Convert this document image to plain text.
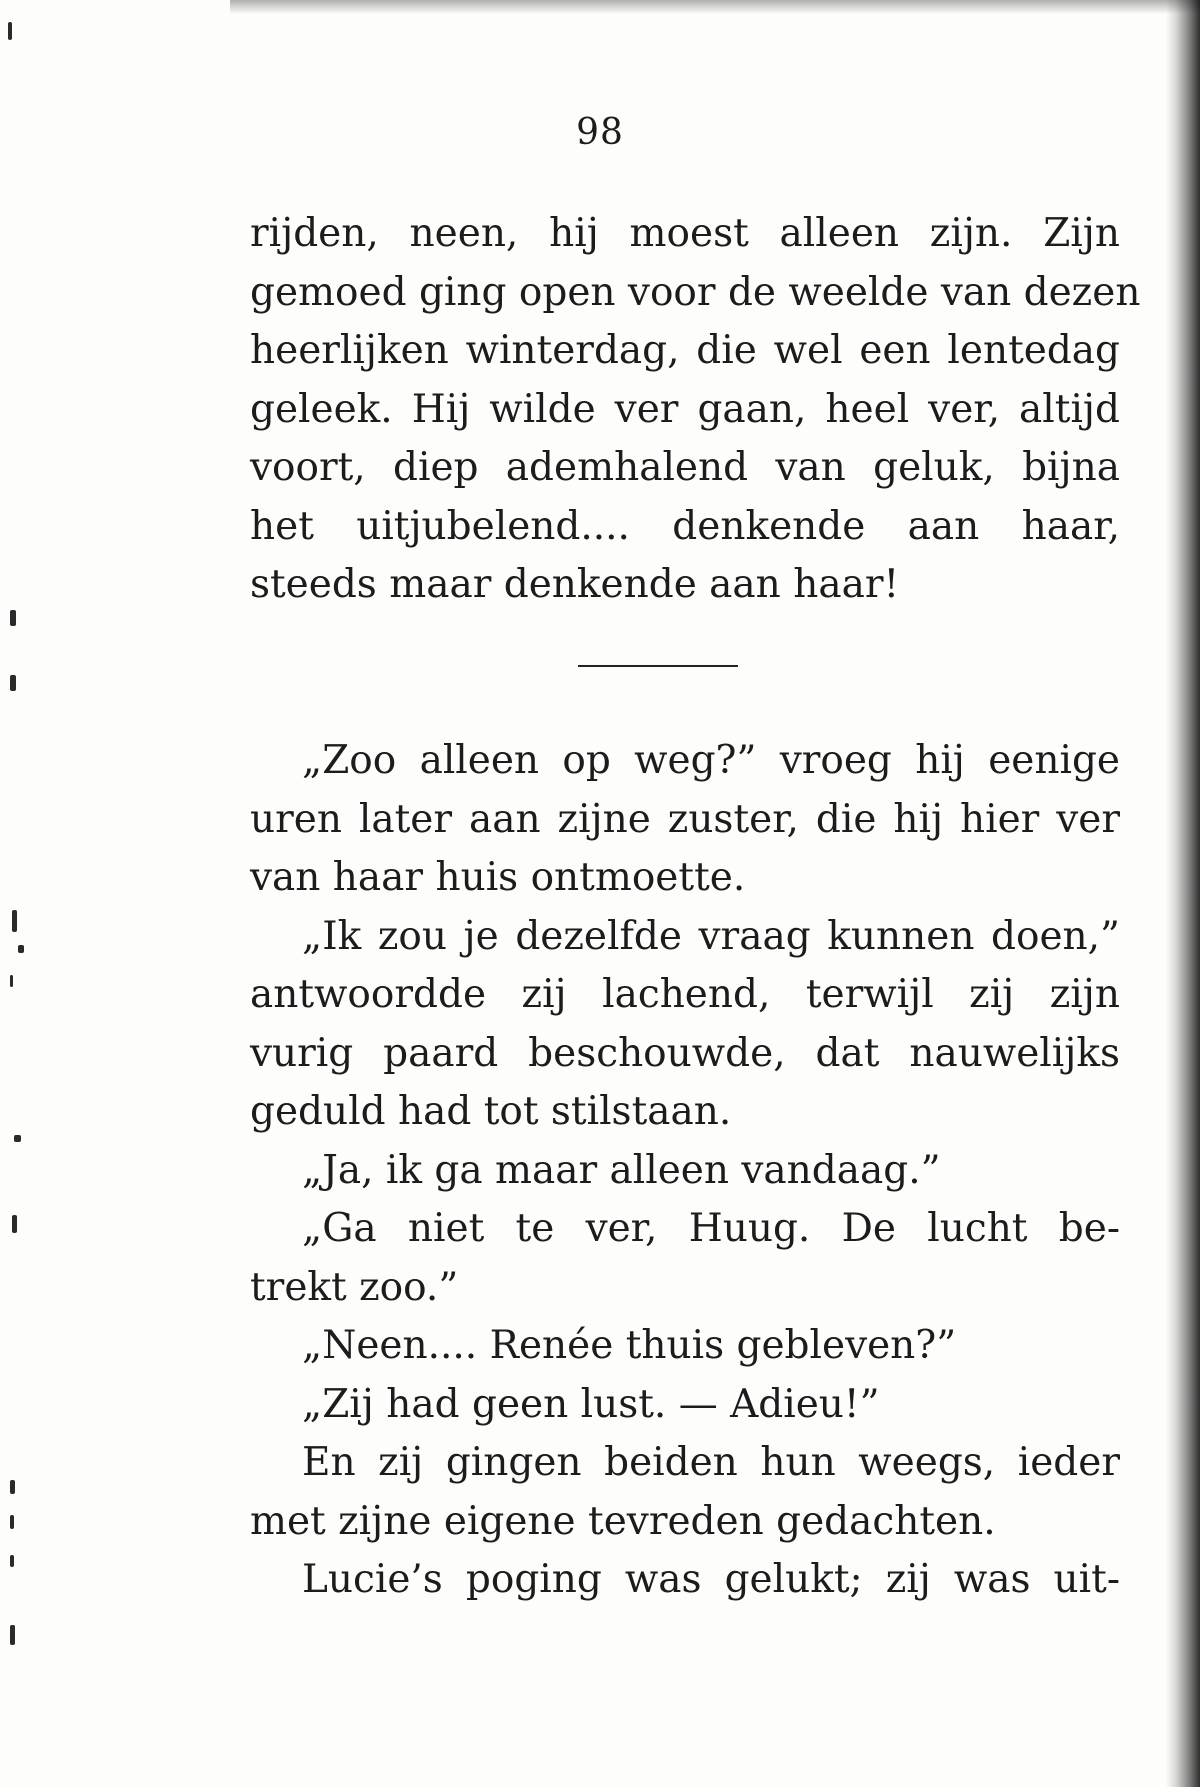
98
rijden, neen, hij moest alleen zijn. Zijn
gemoed ging open voor de weelde van dezen
heerlijken winterdag, die wel een lentedag
geleek. Hij wilde ver gaan, heel ver, altijd
voort, diep ademhalend van geluk, bijna
het uitjubelend.... denkende aan haar,
steeds maar denkende aan haar!
„Zoo alleen op weg?” vroeg hij eenige
uren later aan zijne zuster, die hij hier ver
van haar huis ontmoette.
„Ik zou je dezelfde vraag kunnen doen,”
antwoordde zij lachend, terwijl zij zijn
vurig paard beschouwde, dat nauwelijks
geduld had tot stilstaan.
„Ja, ik ga maar alleen vandaag.”
„Ga niet te ver, Huug. De lucht be-
trekt zoo.”
„Neen.... Renée thuis gebleven?”
„Zij had geen lust. — Adieu!”
En zij gingen beiden hun weegs, ieder
met zijne eigene tevreden gedachten.
Lucie’s poging was gelukt; zij was uit-
